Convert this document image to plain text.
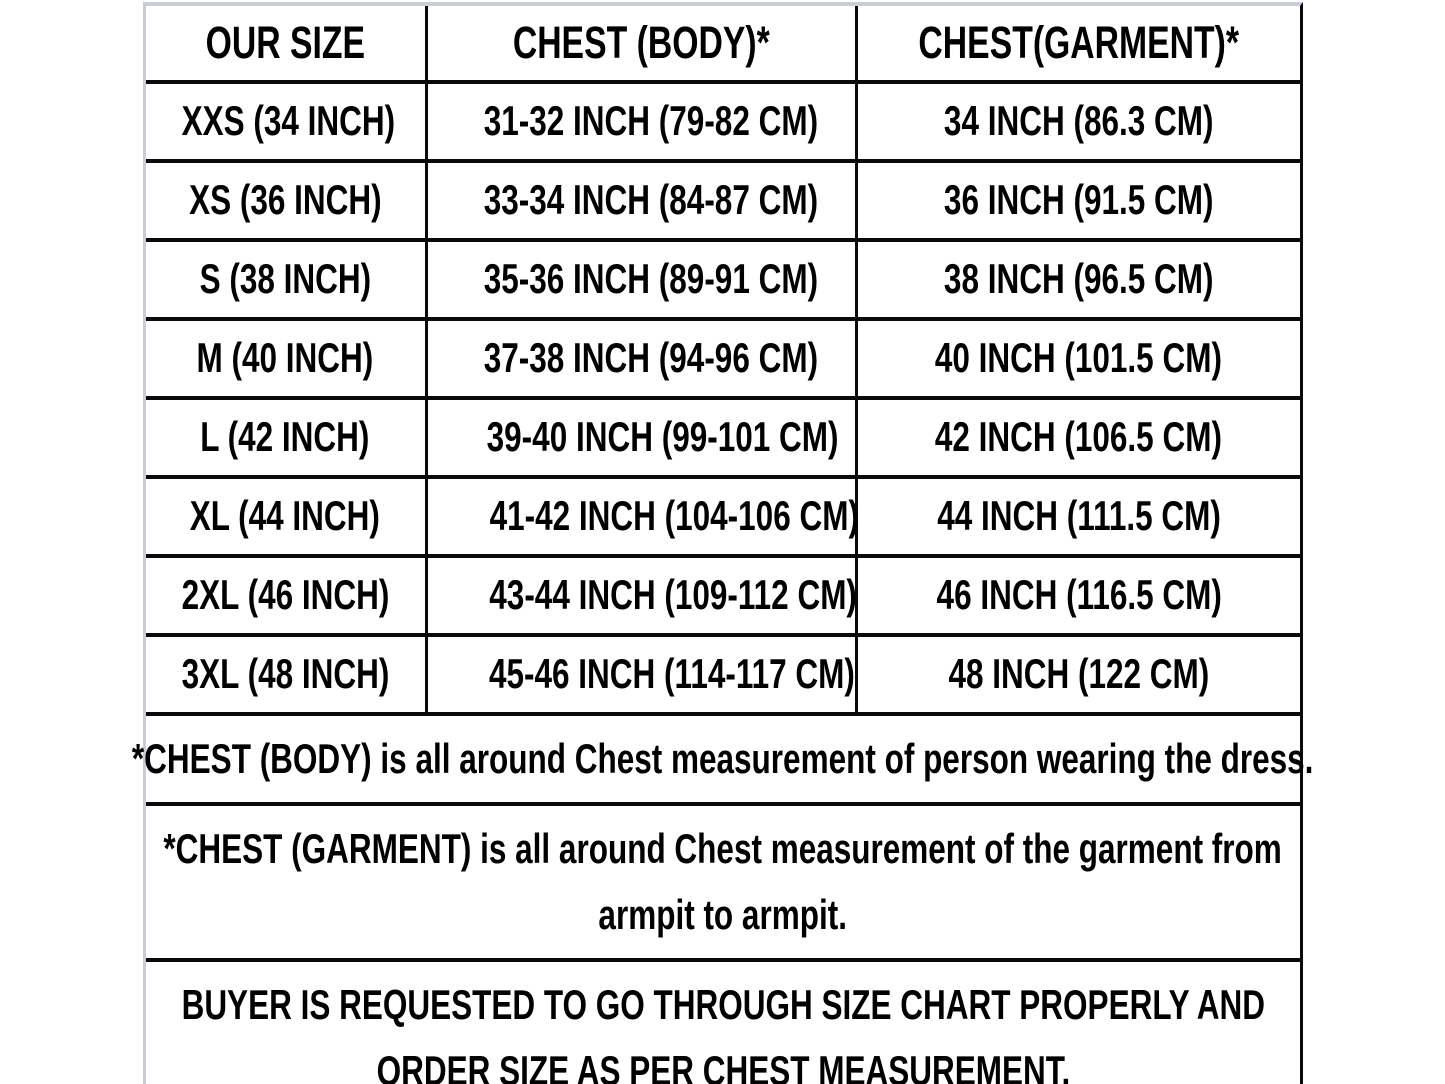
OUR SIZE	CHEST (BODY)*	CHEST(GARMENT)*
XXS (34 INCH)	31-32 INCH (79-82 CM)	34 INCH (86.3 CM)
XS (36 INCH)	33-34 INCH (84-87 CM)	36 INCH (91.5 CM)
S (38 INCH)	35-36 INCH (89-91 CM)	38 INCH (96.5 CM)
M (40 INCH)	37-38 INCH (94-96 CM)	40 INCH (101.5 CM)
L (42 INCH)	39-40 INCH (99-101 CM)	42 INCH (106.5 CM)
XL (44 INCH)	41-42 INCH (104-106 CM)	44 INCH (111.5 CM)
2XL (46 INCH)	43-44 INCH (109-112 CM)	46 INCH (116.5 CM)
3XL (48 INCH)	45-46 INCH (114-117 CM)	48 INCH (122 CM)

*CHEST (BODY) is all around Chest measurement of person wearing the dress.		

*CHEST (GARMENT) is all around Chest measurement of the garment from
armpit to armpit.		

BUYER IS REQUESTED TO GO THROUGH SIZE CHART PROPERLY AND
ORDER SIZE AS PER CHEST MEASUREMENT.		
